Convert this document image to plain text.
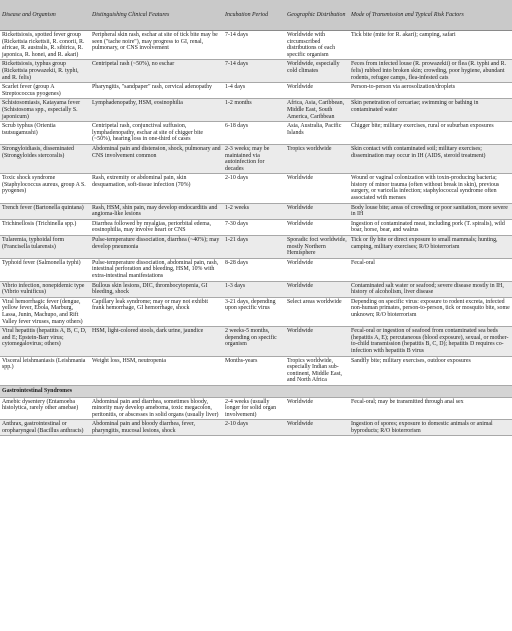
Disease and Organism	Distinguishing Clinical Features	Incubation Period	Geographic Distribution	Mode of Transmission and Typical Risk Factors
Rickettsiosis, spotted fever group (Rickettsia rickettsii, R. conorii, R. africae, R. australis, R. sibirica, R. japonica, R. honei, and R. akari)	Peripheral skin rash, eschar at site of tick bite may be seen ("tache noire"), may progress to GI, renal, pulmonary, or CNS involvement	7-14 days	Worldwide with circumscribed distributions of each specific organism	Tick bite (mite for R. akari); camping, safari
Rickettsiosis, typhus group (Rickettsia prowazekii, R. typhi, and R. felis)	Centripetal rash (~50%), no eschar	7-14 days	Worldwide, especially cold climates	Feces from infected louse (R. prowazekii) or flea (R. typhi and R. felis) rubbed into broken skin; crowding, poor hygiene, abundant rodents, refugee camps, flea-infested cats
Scarlet fever (group A Streptococcus pyogenes)	Pharyngitis, "sandpaper" rash, cervical adenopathy	1-4 days	Worldwide	Person-to-person via aerosolization/droplets
Schistosomiasis, Katayama fever (Schistosoma spp., especially S. japonicum)	Lymphadenopathy, HSM, eosinophilia	1-2 months	Africa, Asia, Caribbean, Middle East, South America, Caribbean	Skin penetration of cercariae; swimming or bathing in contaminated water
Scrub typhus (Orientia tsutsugamushi)	Centripetal rash, conjunctival suffusion, lymphadenopathy, eschar at site of chigger bite (~50%), hearing loss in one-third of cases	6-18 days	Asia, Australia, Pacific Islands	Chigger bite; military exercises, rural or suburban exposures
Strongyloidiasis, disseminated (Strongyloides stercoralis)	Abdominal pain and distension, shock, pulmonary and CNS involvement common	2-3 weeks; may be maintained via autoinfection for decades	Tropics worldwide	Skin contact with contaminated soil; military exercises; dissemination may occur in IH (AIDS, steroid treatment)
Toxic shock syndrome (Staphylococcus aureus, group A S. pyogenes)	Rash, extremity or abdominal pain, skin desquamation, soft-tissue infection (70%)	2-10 days	Worldwide	Wound or vaginal colonization with toxin-producing bacteria; history of minor trauma (often without break in skin), previous surgery, or varicella infection; staphylococcal syndrome often associated with menses
Trench fever (Bartonella quintana)	Rash, HSM, shin pain, may develop endocarditis and angioma-like lesions	1-2 weeks	Worldwide	Body louse bite; areas of crowding or poor sanitation, more severe in IH
Trichinellosis (Trichinella spp.)	Diarrhea followed by myalgias, periorbital edema, eosinophilia, may involve heart or CNS	7-30 days	Worldwide	Ingestion of contaminated meat, including pork (T. spiralis), wild boar, horse, bear, and walrus
Tularemia, typhoidal form (Francisella tularensis)	Pulse-temperature dissociation, diarrhea (~40%); may develop pneumonia	1-21 days	Sporadic foci worldwide, mostly Northern Hemisphere	Tick or fly bite or direct exposure to small mammals; hunting, camping, military exercises; R/O bioterrorism
Typhoid fever (Salmonella typhi)	Pulse-temperature dissociation, abdominal pain, rash, intestinal perforation and bleeding, HSM, 10% with extra-intestinal manifestations	8-28 days	Worldwide	Fecal-oral
Vibrio infection, nonepidemic type (Vibrio vulnificus)	Bullous skin lesions, DIC, thrombocytopenia, GI bleeding, shock	1-3 days	Worldwide	Contaminated salt water or seafood; severe disease mostly in IH, history of alcoholism, liver disease
Viral hemorrhagic fever (dengue, yellow fever, Ebola, Marburg, Lassa, Junin, Machupo, and Rift Valley fever viruses, many others)	Capillary leak syndrome; may or may not exhibit frank hemorrhage, GI hemorrhage, shock	3-21 days, depending upon specific virus	Select areas worldwide	Depending on specific virus: exposure to rodent excreta, infected non-human primates, person-to-person, tick or mosquito bite, some unknown; R/O bioterrorism
Viral hepatitis (hepatitis A, B, C, D, and E; Epstein-Barr virus; cytomegalovirus; others)	HSM, light-colored stools, dark urine, jaundice	2 weeks-5 months, depending on specific organism	Worldwide	Fecal-oral or ingestion of seafood from contaminated sea beds (hepatitis A, E); percutaneous (blood exposure), sexual, or mother-to-child transmission (hepatitis B, C, D); hepatitis D requires co-infection with hepatitis B virus
Visceral leishmaniasis (Leishmania spp.)	Weight loss, HSM, neutropenia	Months-years	Tropics worldwide, especially Indian sub-continent, Middle East, and North Africa	Sandfly bite; military exercises, outdoor exposures
Gastrointestinal Syndromes				
Amebic dysentery (Entamoeba histolytica, rarely other amebae)	Abdominal pain and diarrhea, sometimes bloody, minority may develop ameboma, toxic megacolon, peritonitis, or abscesses in solid organs (usually liver)	2-4 weeks (usually longer for solid organ involvement)	Worldwide	Fecal-oral; may be transmitted through anal sex
Anthrax, gastrointestinal or oropharyngeal (Bacillus anthracis)	Abdominal pain and bloody diarrhea, fever, pharyngitis, mucosal lesions, shock	2-10 days	Worldwide	Ingestion of spores; exposure to domestic animals or animal byproducts; R/O bioterrorism
